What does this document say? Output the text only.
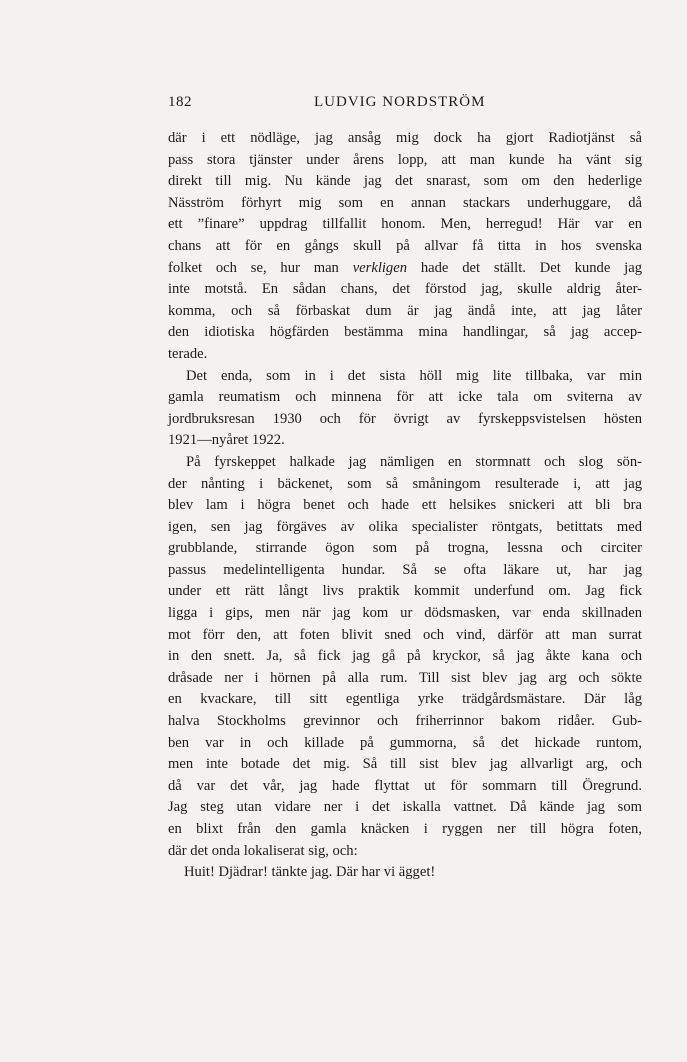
182	LUDVIG NORDSTRÖM
där i ett nödläge, jag ansåg mig dock ha gjort Radiotjänst så
pass stora tjänster under årens lopp, att man kunde ha vänt sig
direkt till mig. Nu kände jag det snarast, som om den hederlige
Näsström förhyrt mig som en annan stackars underhuggare, då
ett ”finare” uppdrag tillfallit honom. Men, herregud! Här var en
chans att för en gångs skull på allvar få titta in hos svenska
folket och se, hur man verkligen hade det ställt. Det kunde jag
inte motstå. En sådan chans, det förstod jag, skulle aldrig åter-
komma, och så förbaskat dum är jag ändå inte, att jag låter
den idiotiska högfärden bestämma mina handlingar, så jag accep-
terade.
Det enda, som in i det sista höll mig lite tillbaka, var min
gamla reumatism och minnena för att icke tala om sviterna av
jordbruksresan 1930 och för övrigt av fyrskeppsvistelsen hösten
1921—nyåret 1922.
På fyrskeppet halkade jag nämligen en stormnatt och slog sön-
der nånting i bäckenet, som så småningom resulterade i, att jag
blev lam i högra benet och hade ett helsikes snickeri att bli bra
igen, sen jag förgäves av olika specialister röntgats, betittats med
grubblande, stirrande ögon som på trogna, lessna och circiter
passus medelintelligenta hundar. Så se ofta läkare ut, har jag
under ett rätt långt livs praktik kommit underfund om. Jag fick
ligga i gips, men när jag kom ur dödsmasken, var enda skillnaden
mot förr den, att foten blivit sned och vind, därför att man surrat
in den snett. Ja, så fick jag gå på kryckor, så jag åkte kana och
dråsade ner i hörnen på alla rum. Till sist blev jag arg och sökte
en kvackare, till sitt egentliga yrke trädgårdsmästare. Där låg
halva Stockholms grevinnor och friherrinnor bakom ridåer. Gub-
ben var in och killade på gummorna, så det hickade runtom,
men inte botade det mig. Så till sist blev jag allvarligt arg, och
då var det vår, jag hade flyttat ut för sommarn till Öregrund.
Jag steg utan vidare ner i det iskalla vattnet. Då kände jag som
en blixt från den gamla knäcken i ryggen ner till högra foten,
där det onda lokaliserat sig, och:
Huit! Djädrar! tänkte jag. Där har vi ägget!
